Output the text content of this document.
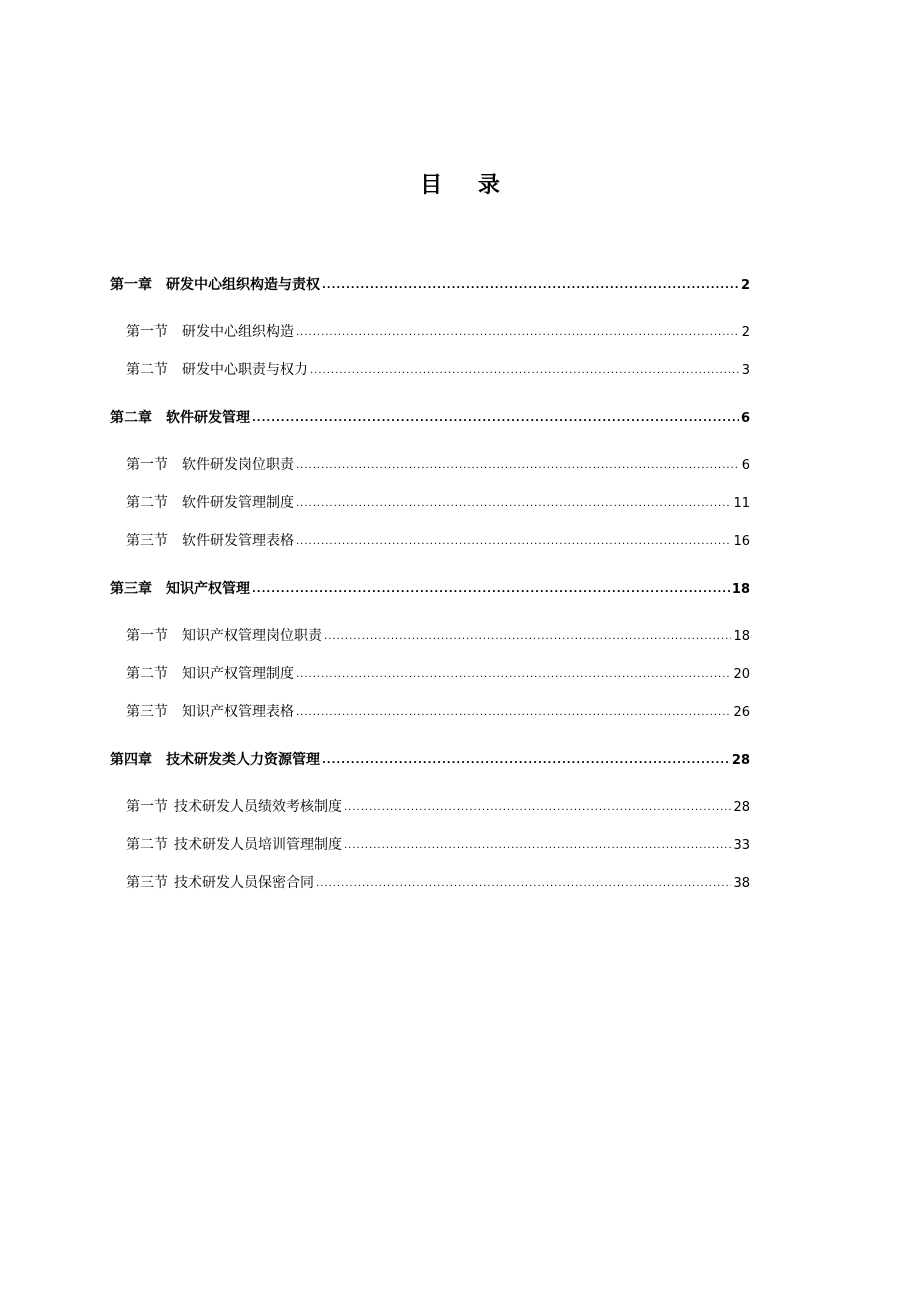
目 录
第一章 研发中心组织构造与责权 .....	2
第一节 研发中心组织构造 .....	2
第二节 研发中心职责与权力 .....	3
第二章 软件研发管理 .....	6
第一节 软件研发岗位职责 .....	6
第二节 软件研发管理制度 .....	11
第三节 软件研发管理表格 .....	16
第三章 知识产权管理 .....	18
第一节 知识产权管理岗位职责 .....	18
第二节 知识产权管理制度 .....	20
第三节 知识产权管理表格 .....	26
第四章 技术研发类人力资源管理 .....	28
第一节 技术研发人员绩效考核制度 .....	28
第二节 技术研发人员培训管理制度 .....	33
第三节 技术研发人员保密合同 .....	38
